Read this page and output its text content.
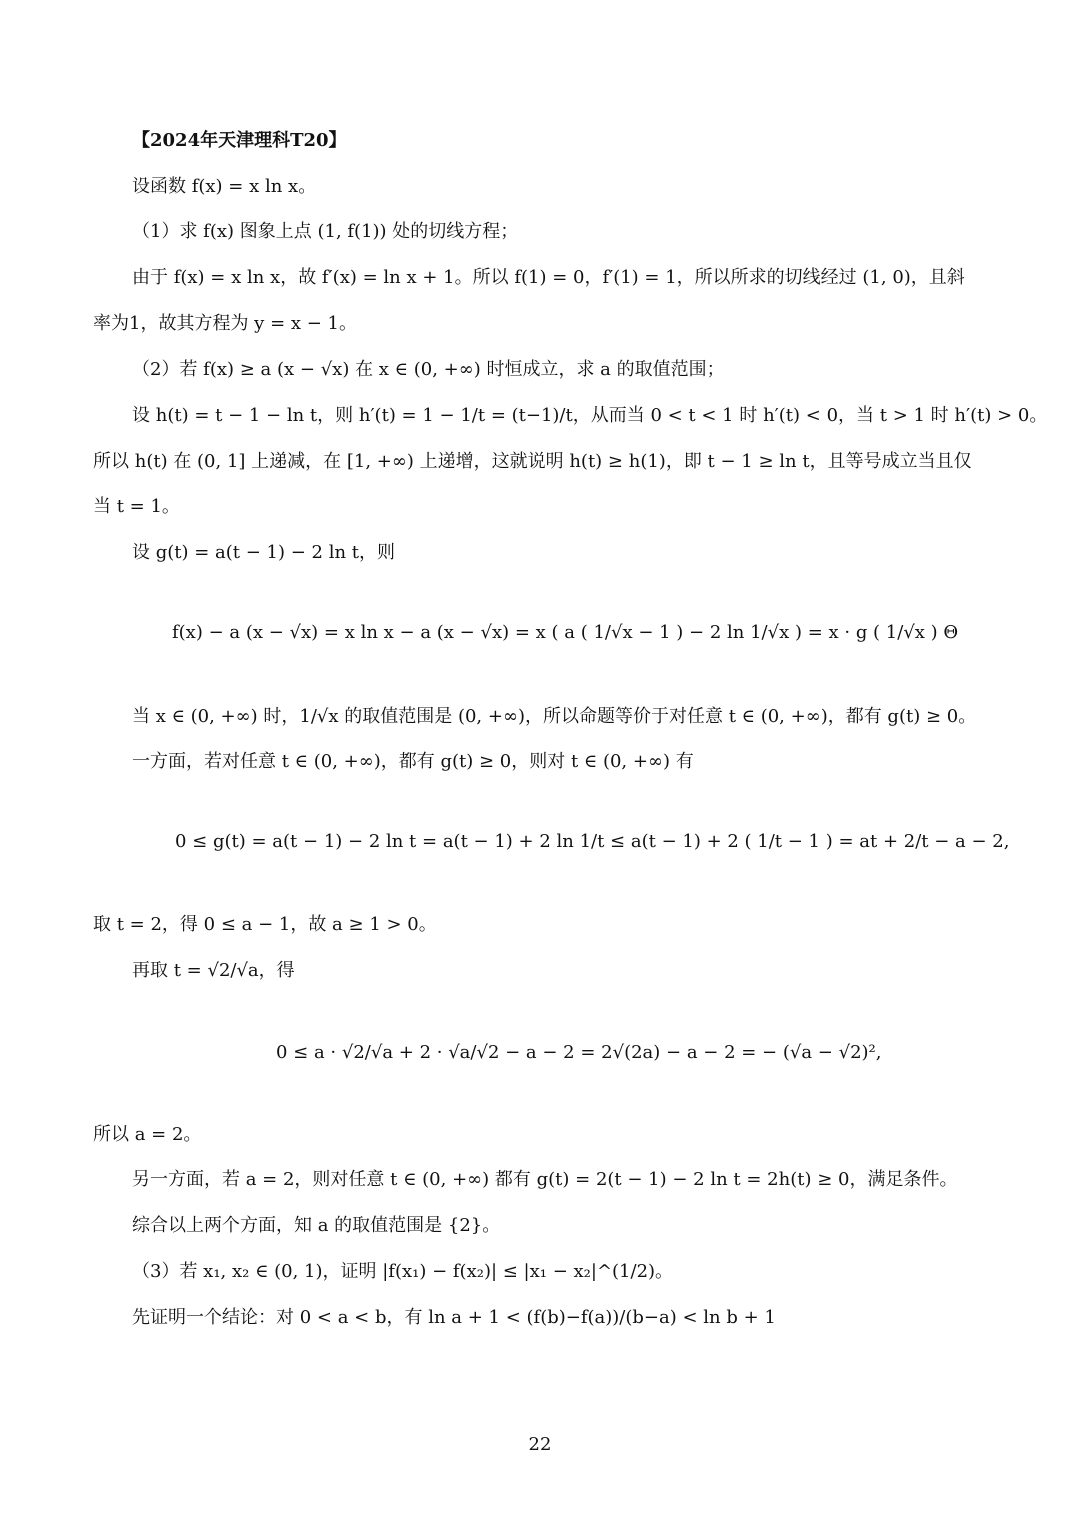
【2024年天津理科T20】
设函数 f(x) = x ln x。
（1）求 f(x) 图象上点 (1, f(1)) 处的切线方程；
由于 f(x) = x ln x，故 f′(x) = ln x + 1。所以 f(1) = 0，f′(1) = 1，所以所求的切线经过 (1, 0)，且斜
率为1，故其方程为 y = x − 1。
（2）若 f(x) ≥ a (x − √x) 在 x ∈ (0, +∞) 时恒成立，求 a 的取值范围；
设 h(t) = t − 1 − ln t，则 h′(t) = 1 − 1/t = (t−1)/t，从而当 0 < t < 1 时 h′(t) < 0，当 t > 1 时 h′(t) > 0。
所以 h(t) 在 (0, 1] 上递减，在 [1, +∞) 上递增，这就说明 h(t) ≥ h(1)，即 t − 1 ≥ ln t，且等号成立当且仅
当 t = 1。
设 g(t) = a(t − 1) − 2 ln t，则
f(x) − a (x − √x) = x ln x − a (x − √x) = x ( a ( 1/√x − 1 ) − 2 ln 1/√x ) = x · g ( 1/√x ) Θ
当 x ∈ (0, +∞) 时，1/√x 的取值范围是 (0, +∞)，所以命题等价于对任意 t ∈ (0, +∞)，都有 g(t) ≥ 0。
一方面，若对任意 t ∈ (0, +∞)，都有 g(t) ≥ 0，则对 t ∈ (0, +∞) 有
0 ≤ g(t) = a(t − 1) − 2 ln t = a(t − 1) + 2 ln 1/t ≤ a(t − 1) + 2 ( 1/t − 1 ) = at + 2/t − a − 2,
取 t = 2，得 0 ≤ a − 1，故 a ≥ 1 > 0。
再取 t = √2/√a，得
0 ≤ a · √2/√a + 2 · √a/√2 − a − 2 = 2√(2a) − a − 2 = − (√a − √2)²,
所以 a = 2。
另一方面，若 a = 2，则对任意 t ∈ (0, +∞) 都有 g(t) = 2(t − 1) − 2 ln t = 2h(t) ≥ 0，满足条件。
综合以上两个方面，知 a 的取值范围是 {2}。
（3）若 x₁, x₂ ∈ (0, 1)，证明 |f(x₁) − f(x₂)| ≤ |x₁ − x₂|^(1/2)。
先证明一个结论：对 0 < a < b，有 ln a + 1 < (f(b)−f(a))/(b−a) < ln b + 1
22
